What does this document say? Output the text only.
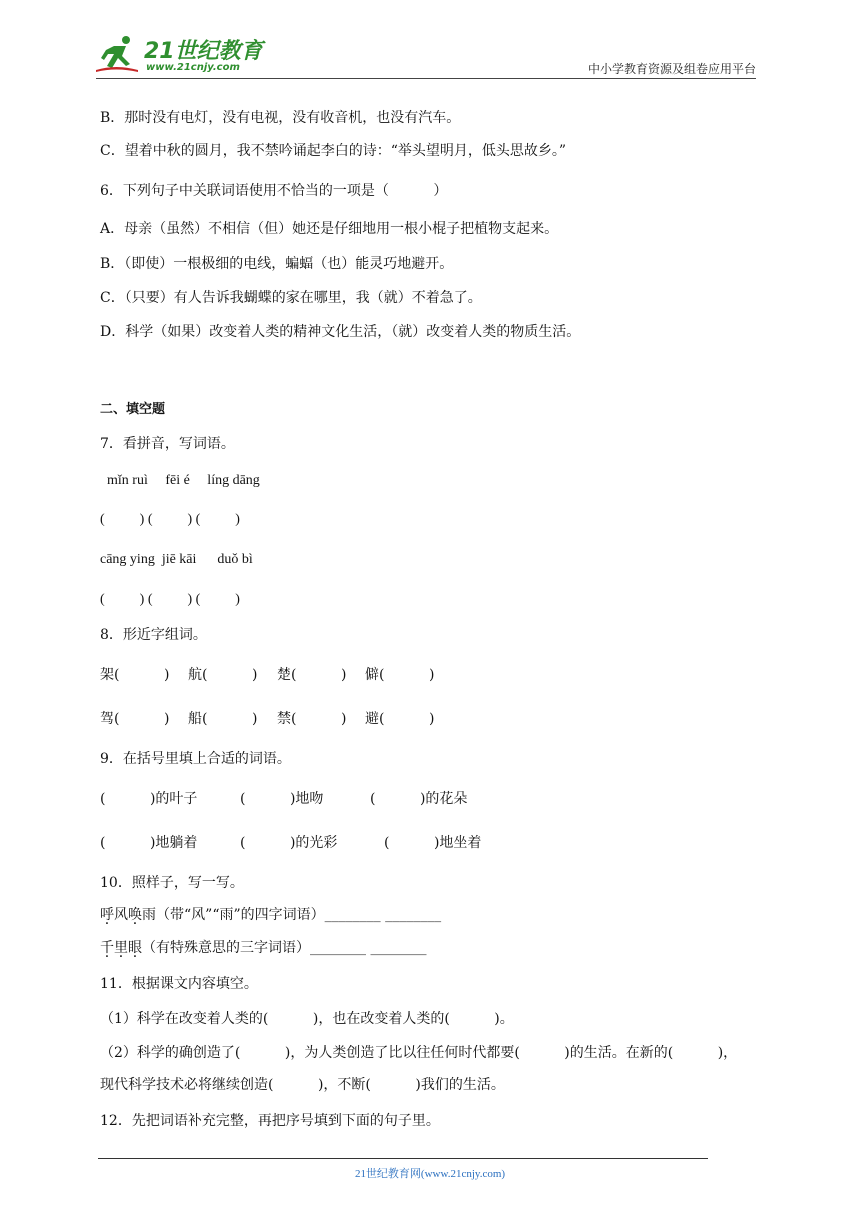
21世纪教育
www.21cnjy.com	中小学教育资源及组卷应用平台
B．那时没有电灯，没有电视，没有收音机，也没有汽车。
C．望着中秋的圆月，我不禁吟诵起李白的诗：“举头望明月，低头思故乡。”
6．下列句子中关联词语使用不恰当的一项是（          ）
A．母亲（虽然）不相信（但）她还是仔细地用一根小棍子把植物支起来。
B．（即使）一根极细的电线，蝙蝠（也）能灵巧地避开。
C．（只要）有人告诉我蝴蝶的家在哪里，我（就）不着急了。
D．科学（如果）改变着人类的精神文化生活，（就）改变着人类的物质生活。
二、填空题
7．看拼音，写词语。
mǐn ruì     fēi é     líng dāng
(          ) (          ) (          )
cāng ying  jiē kāi      duǒ bì
(          ) (          ) (          )
8．形近字组词。
架(          ) 航(          ) 楚(          ) 僻(          )
驾(          ) 船(          ) 禁(          ) 避(          )
9．在括号里填上合适的词语。
(          )的叶子	(          )地吻	(          )的花朵
(          )地躺着	(          )的光彩	(          )地坐着
10．照样子，写一写。
呼风唤雨（带“风”“雨”的四字词语）________ ________
千里眼（有特殊意思的三字词语）________ ________
11．根据课文内容填空。
（1）科学在改变着人类的(          )，也在改变着人类的(          )。
（2）科学的确创造了(          )，为人类创造了比以往任何时代都要(          )的生活。在新的(          )，
现代科学技术必将继续创造(          )，不断(          )我们的生活。
12．先把词语补充完整，再把序号填到下面的句子里。
21世纪教育网(www.21cnjy.com)
